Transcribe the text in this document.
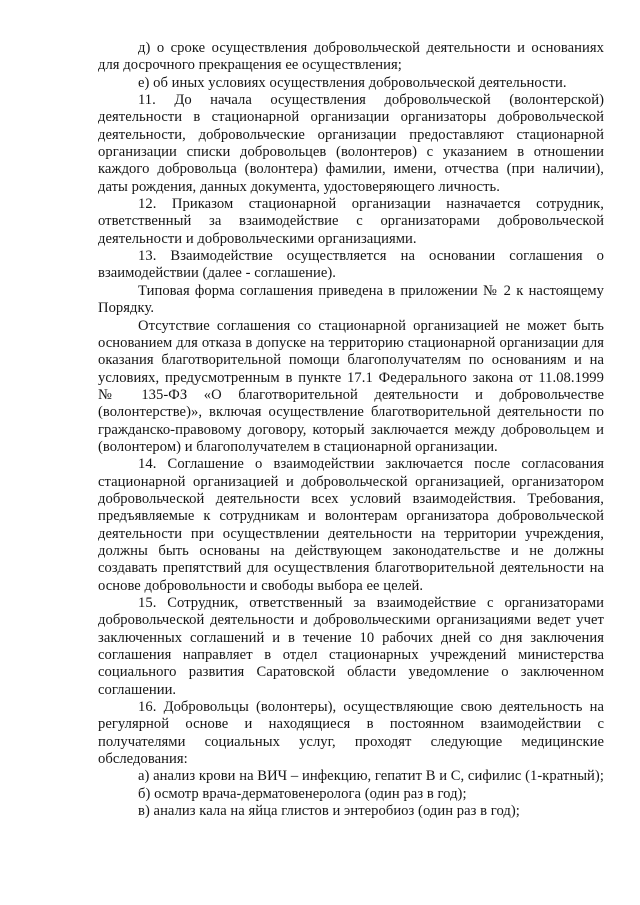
д) о сроке осуществления добровольческой деятельности и основаниях для досрочного прекращения ее осуществления;

е) об иных условиях осуществления добровольческой деятельности.

11. До начала осуществления добровольческой (волонтерской) деятельности в стационарной организации организаторы добровольческой деятельности, добровольческие организации предоставляют стационарной организации списки добровольцев (волонтеров) с указанием в отношении каждого добровольца (волонтера) фамилии, имени, отчества (при наличии), даты рождения, данных документа, удостоверяющего личность.

12. Приказом стационарной организации назначается сотрудник, ответственный за взаимодействие с организаторами добровольческой деятельности и добровольческими организациями.

13. Взаимодействие осуществляется на основании соглашения о взаимодействии (далее - соглашение).

Типовая форма соглашения приведена в приложении № 2 к настоящему Порядку.

Отсутствие соглашения со стационарной организацией не может быть основанием для отказа в допуске на территорию стационарной организации для оказания благотворительной помощи благополучателям по основаниям и на условиях, предусмотренным в пункте 17.1 Федерального закона от 11.08.1999 № 135-ФЗ «О благотворительной деятельности и добровольчестве (волонтерстве)», включая осуществление благотворительной деятельности по гражданско-правовому договору, который заключается между добровольцем и (волонтером) и благополучателем в стационарной организации.

14. Соглашение о взаимодействии заключается после согласования стационарной организацией и добровольческой организацией, организатором добровольческой деятельности всех условий взаимодействия. Требования, предъявляемые к сотрудникам и волонтерам организатора добровольческой деятельности при осуществлении деятельности на территории учреждения, должны быть основаны на действующем законодательстве и не должны создавать препятствий для осуществления благотворительной деятельности на основе добровольности и свободы выбора ее целей.

15. Сотрудник, ответственный за взаимодействие с организаторами добровольческой деятельности и добровольческими организациями ведет учет заключенных соглашений и в течение 10 рабочих дней со дня заключения соглашения направляет в отдел стационарных учреждений министерства социального развития Саратовской области уведомление о заключенном соглашении.

16. Добровольцы (волонтеры), осуществляющие свою деятельность на регулярной основе и находящиеся в постоянном взаимодействии с получателями социальных услуг, проходят следующие медицинские обследования:

а) анализ крови на ВИЧ – инфекцию, гепатит В и С, сифилис (1-кратный);

б) осмотр врача-дерматовенеролога (один раз в год);

в) анализ кала на яйца глистов и энтеробиоз (один раз в год);
